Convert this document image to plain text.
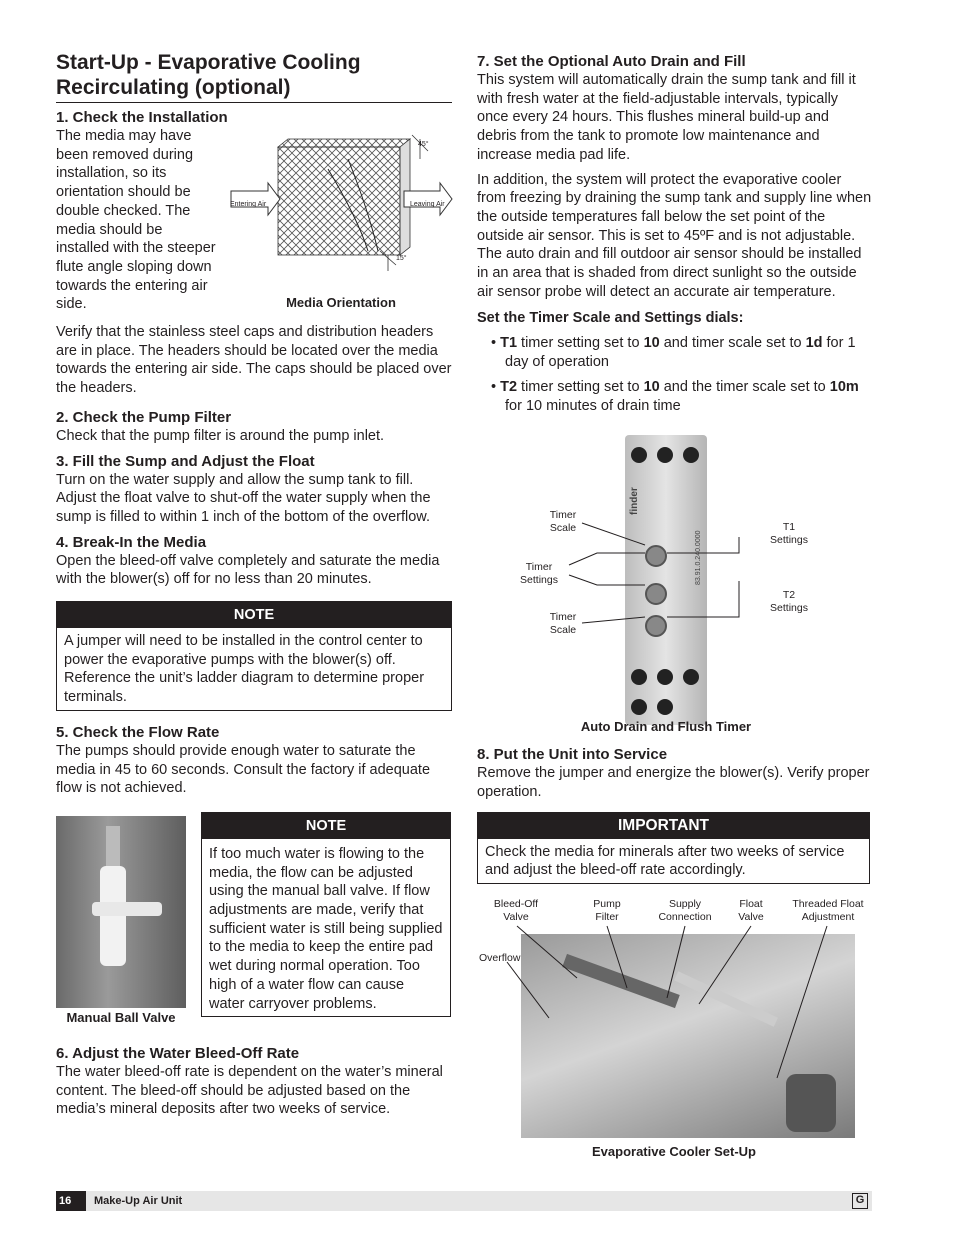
Start-Up - Evaporative Cooling
Recirculating (optional)
1. Check the Installation

The media may have been removed during installation, so its orientation should be double checked. The media should be installed with the steeper flute angle sloping down towards the entering air side.

45°
15°
Entering Air	Leaving Air
Media Orientation

Verify that the stainless steel caps and distribution headers are in place. The headers should be located over the media towards the entering air side. The caps should be placed over the headers.

2. Check the Pump Filter

Check that the pump filter is around the pump inlet.

3. Fill the Sump and Adjust the Float

Turn on the water supply and allow the sump tank to fill. Adjust the float valve to shut-off the water supply when the sump is filled to within 1 inch of the bottom of the overflow.

4. Break-In the Media

Open the bleed-off valve completely and saturate the media with the blower(s) off for no less than 20 minutes.

NOTE
A jumper will need to be installed in the control center to power the evaporative pumps with the blower(s) off. Reference the unit’s ladder diagram to determine proper terminals.
5. Check the Flow Rate

The pumps should provide enough water to saturate the media in 45 to 60 seconds. Consult the factory if adequate flow is not achieved.

Manual Ball Valve
NOTE
If too much water is flowing to the media, the flow can be adjusted using the manual ball valve. If flow adjustments are made, verify that sufficient water is still being supplied to the media to keep the entire pad wet during normal operation. Too high of a water flow can cause water carryover problems.
6. Adjust the Water Bleed-Off Rate

The water bleed-off rate is dependent on the water’s mineral content. The bleed-off should be adjusted based on the media’s mineral deposits after two weeks of service.

7. Set the Optional Auto Drain and Fill

This system will automatically drain the sump tank and fill it with fresh water at the field-adjustable intervals, typically once every 24 hours. This flushes mineral build-up and debris from the tank to promote low maintenance and increase media pad life.

In addition, the system will protect the evaporative cooler from freezing by draining the sump tank and supply line when the outside temperatures fall below the set point of the outside air sensor. This is set to 45ºF and is not adjustable. The auto drain and fill outdoor air sensor should be installed in an area that is shaded from direct sunlight so the outside air sensor probe will detect an accurate air temperature.

Set the Timer Scale and Settings dials:
• T1 timer setting set to 10 and timer scale set to 1d for 1 day of operation
• T2 timer setting set to 10 and the timer scale set to 10m for 10 minutes of drain time
finder
83.91.0.240.0000
Timer
Scale
Timer
Settings
Timer
Scale
T1
Settings
T2
Settings
Auto Drain and Flush Timer
8. Put the Unit into Service

Remove the jumper and energize the blower(s). Verify proper operation.

IMPORTANT
Check the media for minerals after two weeks of service and adjust the bleed-off rate accordingly.
Bleed-Off
Valve
Pump
Filter
Supply
Connection
Float
Valve
Threaded Float
Adjustment
Overflow
Evaporative Cooler Set-Up
16	Make-Up Air Unit	G
